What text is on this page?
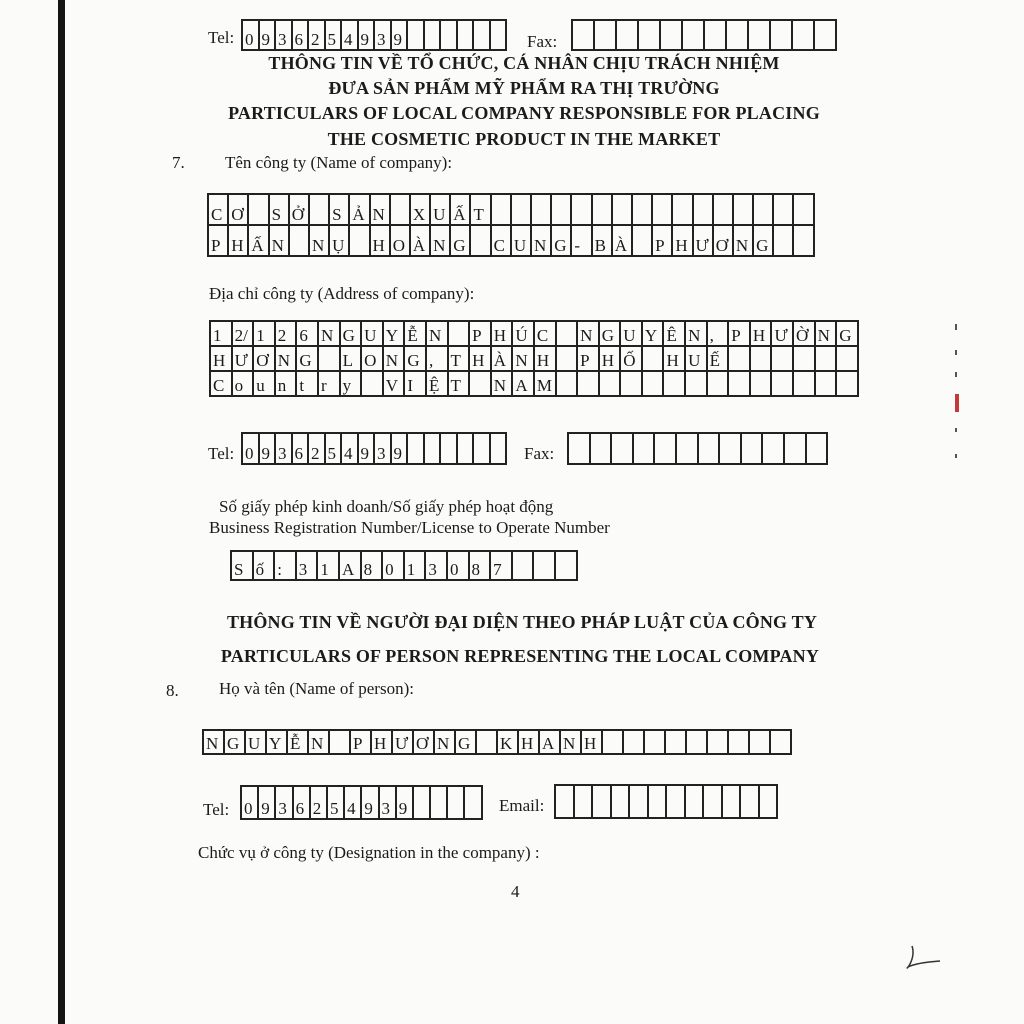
Tel: 0 9 3 6 2 5 4 9 3 9	Fax:
THÔNG TIN VỀ TỔ CHỨC, CÁ NHÂN CHỊU TRÁCH NHIỆM
ĐƯA SẢN PHẨM MỸ PHẨM RA THỊ TRƯỜNG
PARTICULARS OF LOCAL COMPANY RESPONSIBLE FOR PLACING
THE COSMETIC PRODUCT IN THE MARKET
7. Tên công ty (Name of company):
C Ơ	S Ở	S Ả N	X U Ấ T
P H Ấ N	N Ụ	H O À N G	C U N G - B À	P H Ư Ơ N G
Địa chỉ công ty (Address of company):
1 2/ 1 2 6 N G U Y Ễ N	P H Ú C	N G U Y Ê N ,	P H Ư Ờ N G
H Ư Ơ N G	L O N G ,	T H À N H	P H Ố	H U Ế
C o u n t r y	V I Ệ T	N A M
Tel: 0 9 3 6 2 5 4 9 3 9	Fax:
Số giấy phép kinh doanh/Số giấy phép hoạt động
Business Registration Number/License to Operate Number
S ố : 3 1 A 8 0 1 3 0 8 7
THÔNG TIN VỀ NGƯỜI ĐẠI DIỆN THEO PHÁP LUẬT CỦA CÔNG TY
PARTICULARS OF PERSON REPRESENTING THE LOCAL COMPANY
8. Họ và tên (Name of person):
N G U Y Ễ N	P H Ư Ơ N G	K H A N H
Tel: 0 9 3 6 2 5 4 9 3 9	Email:
Chức vụ ở công ty (Designation in the company) :
4
